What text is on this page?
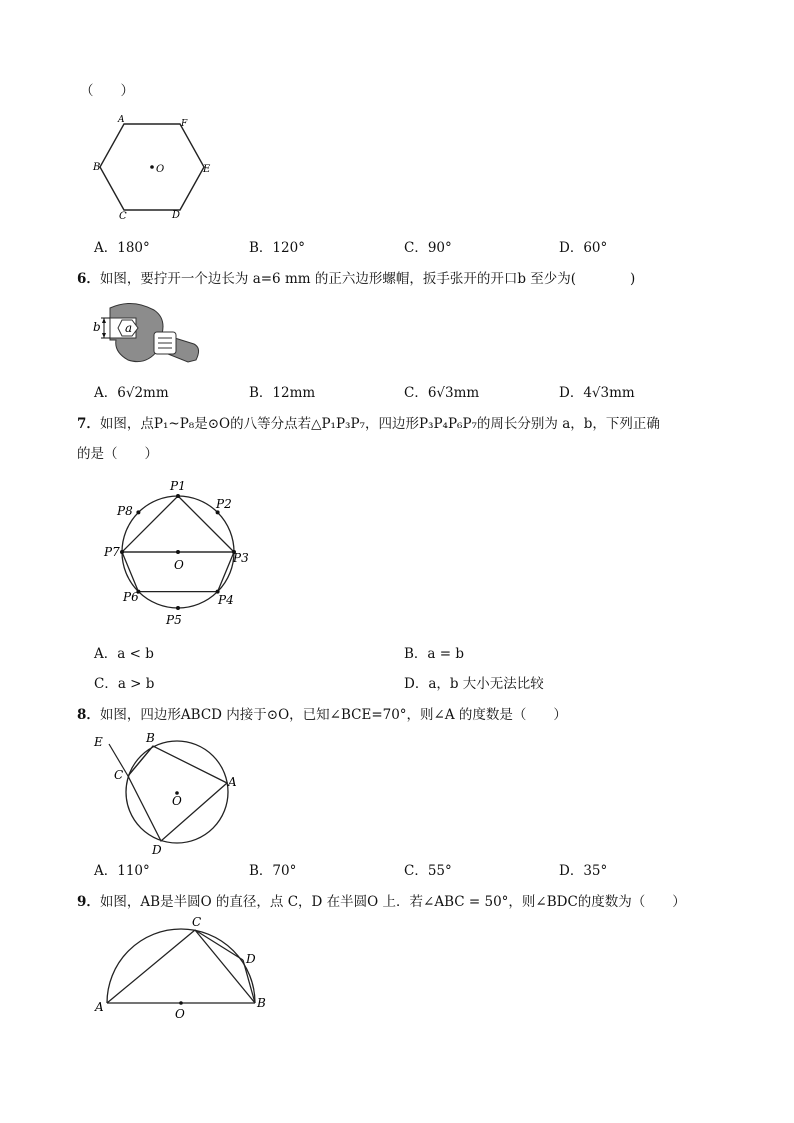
（　　）
A	F
E
D
C
B	O
A．180°	B．120°	C．90°	D．60°
6．如图，要拧开一个边长为 a=6 mm 的正六边形螺帽，扳手张开的开口b 至少为(　　　　)
b a
A．6√2mm	B．12mm	C．6√3mm	D．4√3mm
7．如图，点P₁~P₈是⊙O的八等分点若△P₁P₃P₇，四边形P₃P₄P₆P₇的周长分别为 a，b，下列正确
的是（　　）
P1
P2
P3
P4
P5
P6
P7
P8
O
A．a < b	B．a = b
C．a > b	D．a，b 大小无法比较
8．如图，四边形ABCD 内接于⊙O，已知∠BCE=70°，则∠A 的度数是（　　）
E	B
C	A
O
D
A．110°	B．70°	C．55°	D．35°
9．如图，AB是半圆O 的直径，点 C，D 在半圆O 上．若∠ABC = 50°，则∠BDC的度数为（　　）
C
D
A	O
B
